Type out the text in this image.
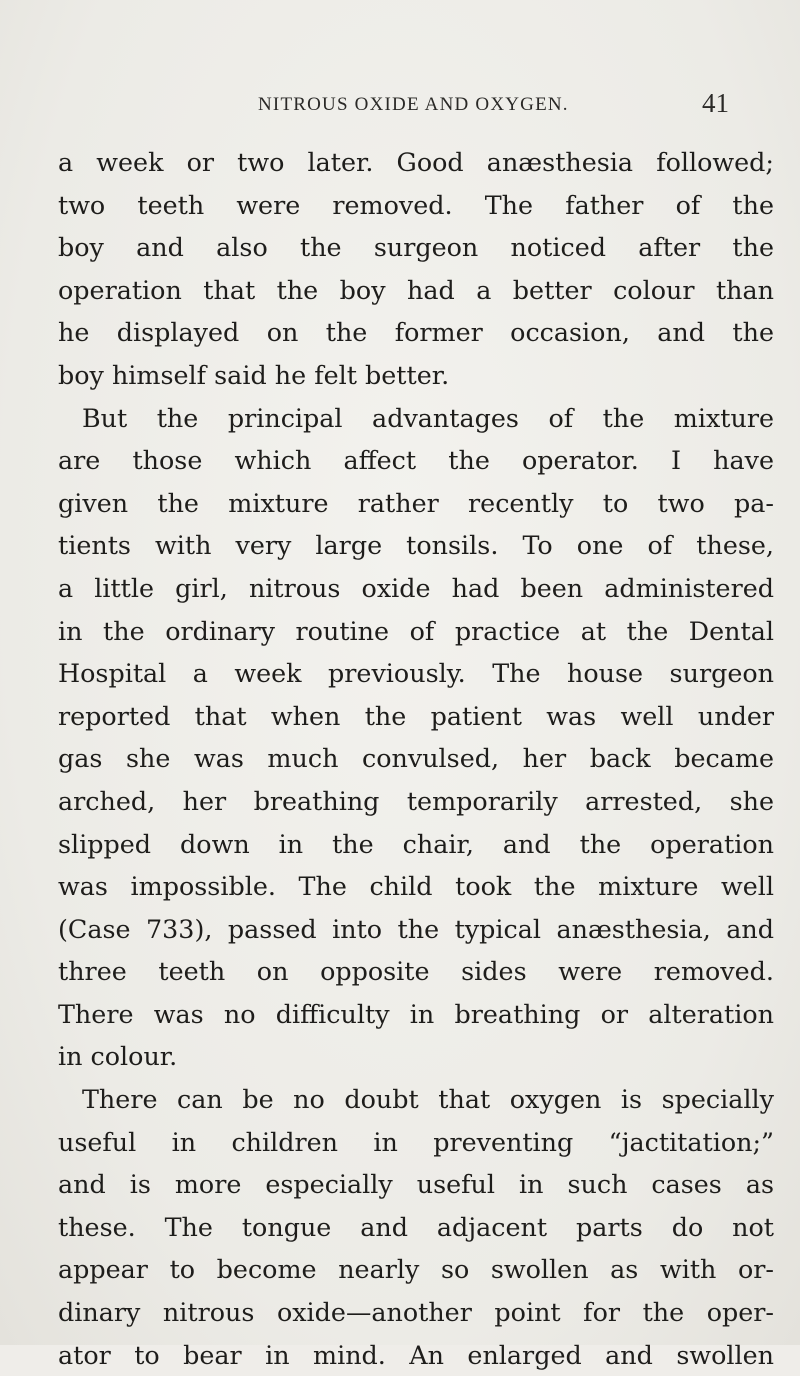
NITROUS OXIDE AND OXYGEN.	41
a week or two later. Good anæsthesia followed;
two teeth were removed. The father of the
boy and also the surgeon noticed after the
operation that the boy had a better colour than
he displayed on the former occasion, and the
boy himself said he felt better.
But the principal advantages of the mixture
are those which affect the operator. I have
given the mixture rather recently to two pa-
tients with very large tonsils. To one of these,
a little girl, nitrous oxide had been administered
in the ordinary routine of practice at the Dental
Hospital a week previously. The house surgeon
reported that when the patient was well under
gas she was much convulsed, her back became
arched, her breathing temporarily arrested, she
slipped down in the chair, and the operation
was impossible. The child took the mixture well
(Case 733), passed into the typical anæsthesia, and
three teeth on opposite sides were removed.
There was no difficulty in breathing or alteration
in colour.
There can be no doubt that oxygen is specially
useful in children in preventing “jactitation;”
and is more especially useful in such cases as
these. The tongue and adjacent parts do not
appear to become nearly so swollen as with or-
dinary nitrous oxide—another point for the oper-
ator to bear in mind. An enlarged and swollen
